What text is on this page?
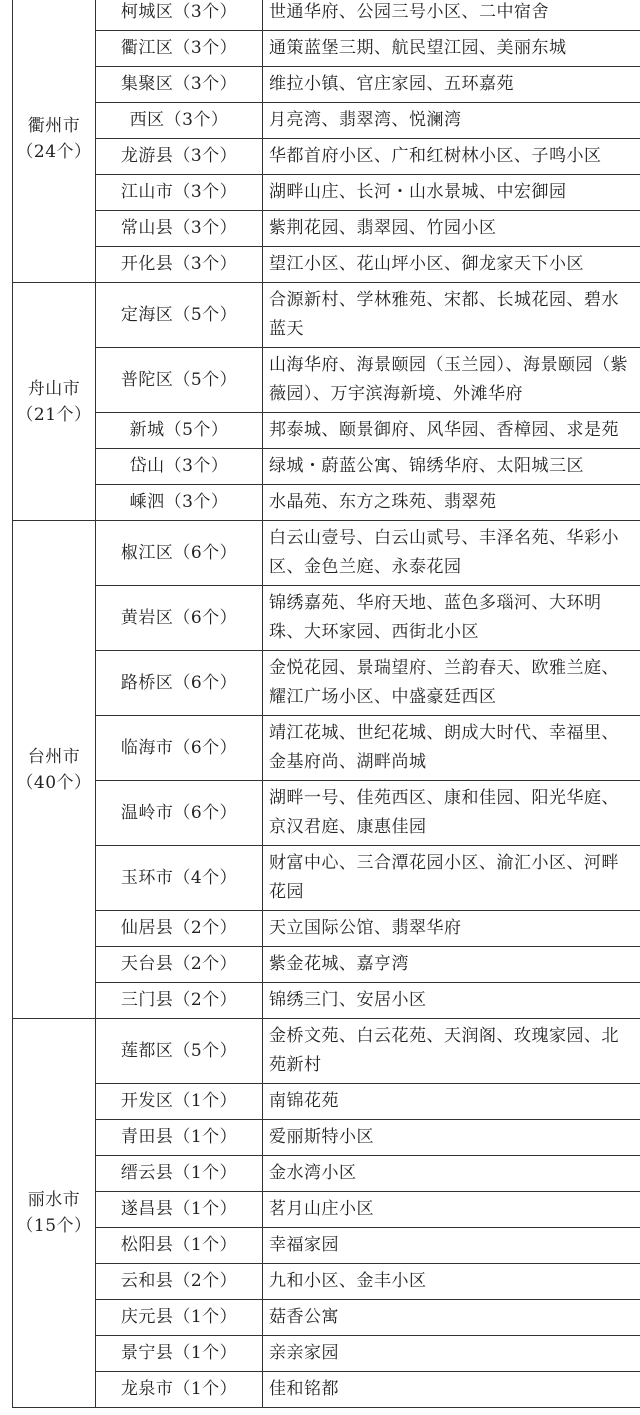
衢州市
（24个）	柯城区（3个）	世通华府、公园三号小区、二中宿舍
	衢江区（3个）	通策蓝堡三期、航民望江园、美丽东城
	集聚区（3个）	维拉小镇、官庄家园、五环嘉苑
	西区（3个）	月亮湾、翡翠湾、悦澜湾
	龙游县（3个）	华都首府小区、广和红树林小区、子鸣小区
	江山市（3个）	湖畔山庄、长河・山水景城、中宏御园
	常山县（3个）	紫荆花园、翡翠园、竹园小区
	开化县（3个）	望江小区、花山坪小区、御龙家天下小区

舟山市
（21个）	定海区（5个）	合源新村、学林雅苑、宋都、长城花园、碧水蓝天
	普陀区（5个）	山海华府、海景颐园（玉兰园）、海景颐园（紫薇园）、万宇滨海新境、外滩华府
	新城（5个）	邦泰城、颐景御府、风华园、香樟园、求是苑
	岱山（3个）	绿城・蔚蓝公寓、锦绣华府、太阳城三区
	嵊泗（3个）	水晶苑、东方之珠苑、翡翠苑

台州市
（40个）	椒江区（6个）	白云山壹号、白云山贰号、丰泽名苑、华彩小区、金色兰庭、永泰花园
	黄岩区（6个）	锦绣嘉苑、华府天地、蓝色多瑙河、大环明珠、大环家园、西街北小区
	路桥区（6个）	金悦花园、景瑞望府、兰韵春天、欧雅兰庭、耀江广场小区、中盛豪廷西区
	临海市（6个）	靖江花城、世纪花城、朗成大时代、幸福里、金基府尚、湖畔尚城
	温岭市（6个）	湖畔一号、佳苑西区、康和佳园、阳光华庭、京汉君庭、康惠佳园
	玉环市（4个）	财富中心、三合潭花园小区、渝汇小区、河畔花园
	仙居县（2个）	天立国际公馆、翡翠华府
	天台县（2个）	紫金花城、嘉亨湾
	三门县（2个）	锦绣三门、安居小区

丽水市
（15个）	莲都区（5个）	金桥文苑、白云花苑、天润阁、玫瑰家园、北苑新村
	开发区（1个）	南锦花苑
	青田县（1个）	爱丽斯特小区
	缙云县（1个）	金水湾小区
	遂昌县（1个）	茗月山庄小区
	松阳县（1个）	幸福家园
	云和县（2个）	九和小区、金丰小区
	庆元县（1个）	菇香公寓
	景宁县（1个）	亲亲家园
	龙泉市（1个）	佳和铭都
